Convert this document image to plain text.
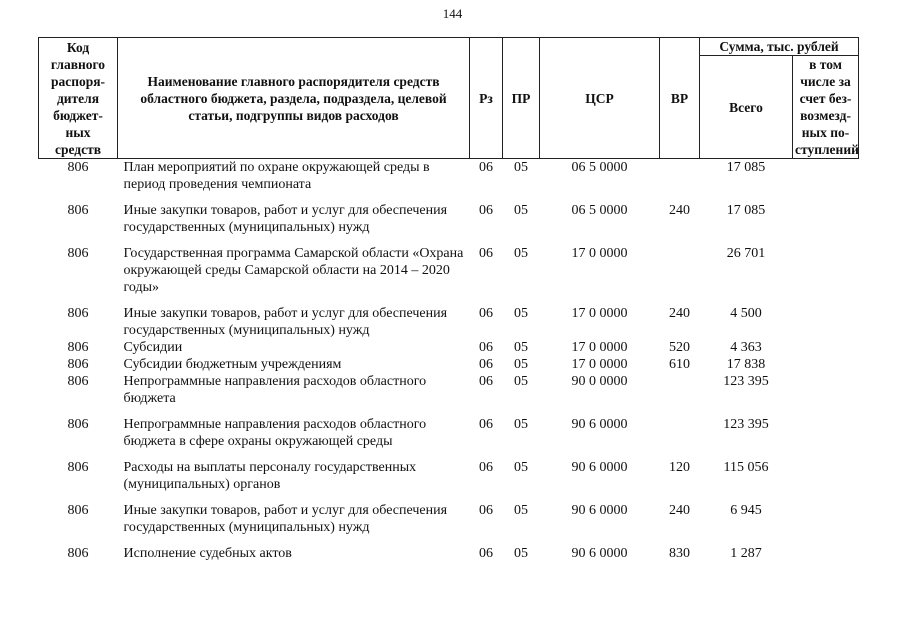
144
Код главного распоря-дителя бюджет-ных средств	Наименование главного распорядителя средств областного бюджета, раздела, подраздела, целевой статьи, подгруппы видов расходов	Рз	ПР	ЦСР	ВР	Сумма, тыс. рублей	
						Всего	в том числе за счет без-возмезд-ных по-ступлений
806	План мероприятий по охране окружающей среды в период проведения чемпионата	06	05	06 5 0000		17 085	
806	Иные закупки товаров, работ и услуг для обеспечения государственных (муниципальных) нужд	06	05	06 5 0000	240	17 085	
806	Государственная программа Самарской области «Охрана окружающей среды Самарской области на 2014 – 2020 годы»	06	05	17 0 0000		26 701	
806	Иные закупки товаров, работ и услуг для обеспечения государственных (муниципальных) нужд	06	05	17 0 0000	240	4 500	
806	Субсидии	06	05	17 0 0000	520	4 363	
806	Субсидии бюджетным учреждениям	06	05	17 0 0000	610	17 838	
806	Непрограммные направления расходов областного бюджета	06	05	90 0 0000		123 395	
806	Непрограммные направления расходов областного бюджета в сфере охраны окружающей среды	06	05	90 6 0000		123 395	
806	Расходы на выплаты персоналу государственных (муниципальных) органов	06	05	90 6 0000	120	115 056	
806	Иные закупки товаров, работ и услуг для обеспечения государственных (муниципальных) нужд	06	05	90 6 0000	240	6 945	
806	Исполнение судебных актов	06	05	90 6 0000	830	1 287	
